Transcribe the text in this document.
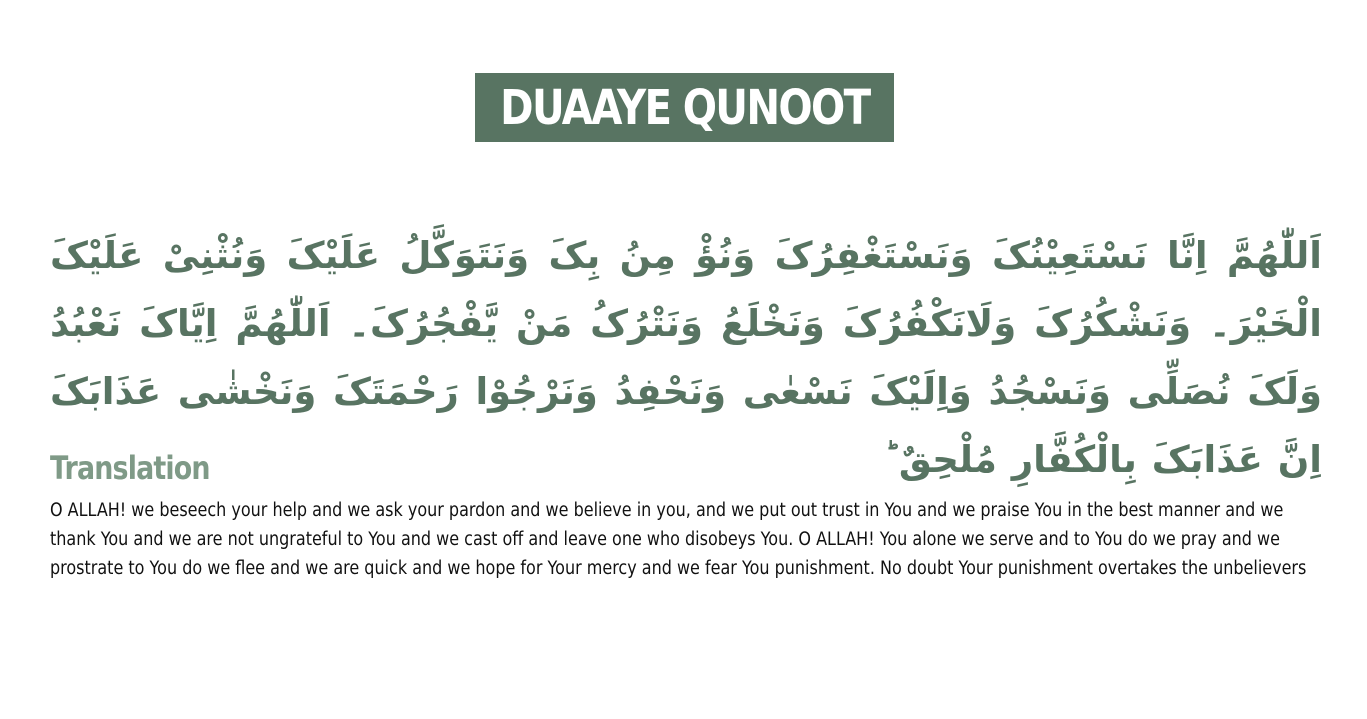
DUAAYE QUNOOT
اَللّٰهُمَّ اِنَّا نَسْتَعِیْنُکَ وَنَسْتَغْفِرُکَ وَنُؤْ مِنُ بِکَ وَنَتَوَکَّلُ عَلَیْکَ وَنُثْنِیْ عَلَیْکَ الْخَیْرَ۔ وَنَشْکُرُکَ وَلَانَکْفُرُکَ وَنَخْلَعُ وَنَتْرُکُ مَنْ یَّفْجُرُکَ۔ اَللّٰهُمَّ اِیَّاکَ نَعْبُدُ وَلَکَ نُصَلِّی وَنَسْجُدُ وَاِلَیْکَ نَسْعٰی وَنَحْفِدُ وَنَرْجُوْا رَحْمَتَکَ وَنَخْشٰی عَذَابَکَ اِنَّ عَذَابَکَ بِالْکُفَّارِ مُلْحِقٌ ؕ
Translation

O ALLAH! we beseech your help and we ask your pardon and we believe in you, and we put out trust in You and we praise You in the best manner and we thank You and we are not ungrateful to You and we cast off and leave one who disobeys You. O ALLAH! You alone we serve and to You do we pray and we prostrate to You do we flee and we are quick and we hope for Your mercy and we fear You punishment. No doubt Your punishment overtakes the unbelievers
